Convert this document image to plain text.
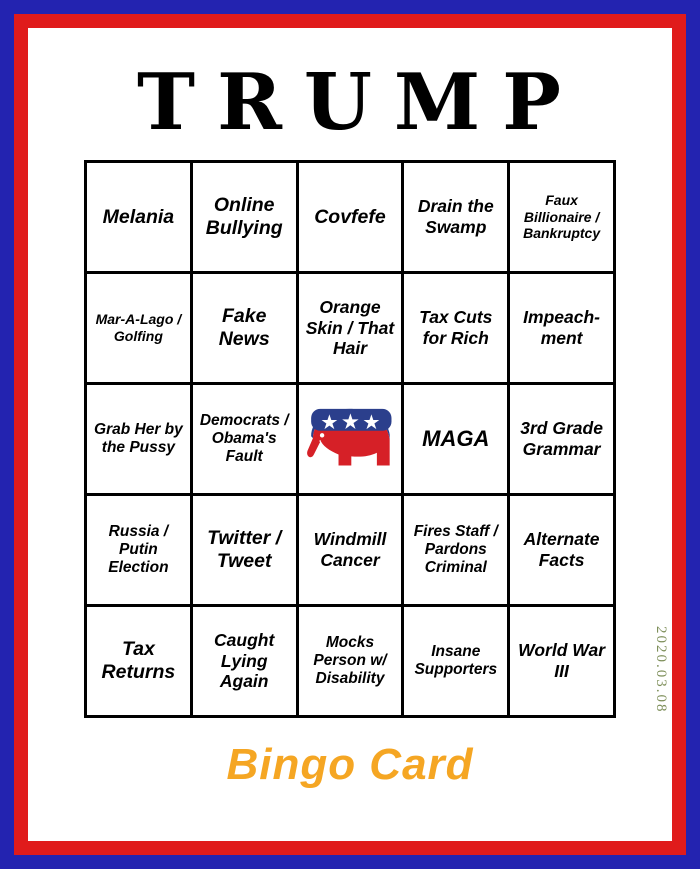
TRUMP
Melania	Online Bullying	Covfefe	Drain the Swamp	Faux Billionaire / Bankruptcy
Mar-A-Lago / Golfing	Fake News	Orange Skin / That Hair	Tax Cuts for Rich	Impeach-ment
Grab Her by the Pussy	Democrats / Obama's Fault		MAGA	3rd Grade Grammar
Russia / Putin Election	Twitter / Tweet	Windmill Cancer	Fires Staff / Pardons Criminal	Alternate Facts
Tax Returns	Caught Lying Again	Mocks Person w/ Disability	Insane Supporters	World War III
Bingo Card
2020.03.08
